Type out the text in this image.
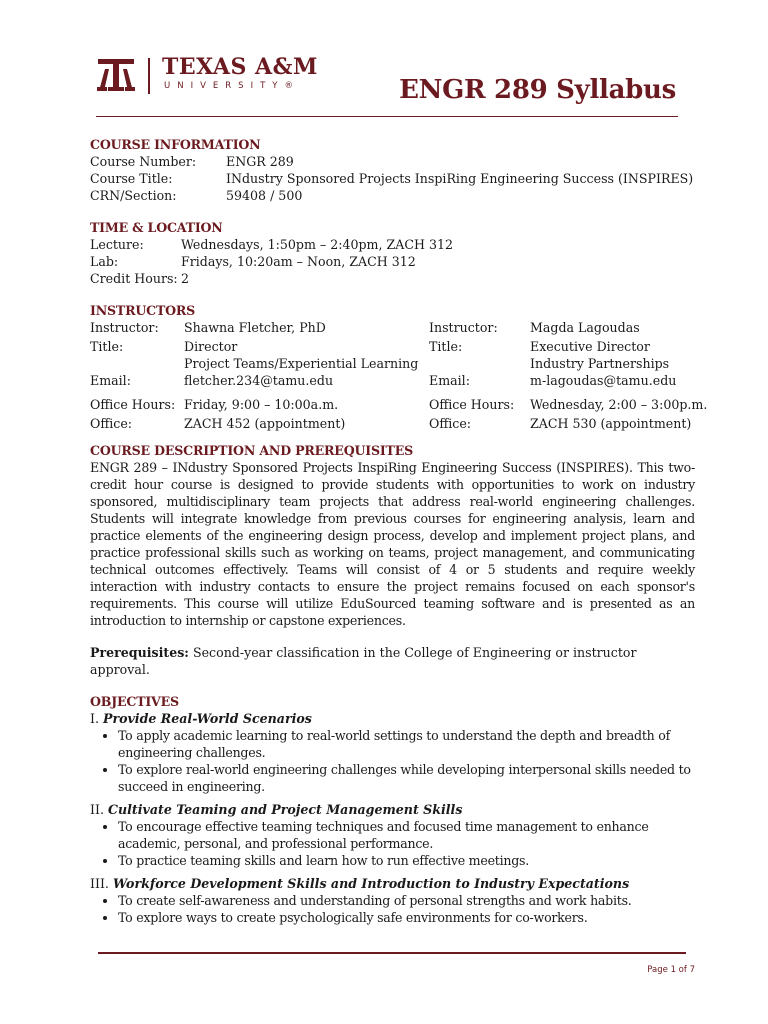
TEXAS A&M
UNIVERSITY®	ENGR 289 Syllabus
COURSE INFORMATION
Course Number:	ENGR 289
Course Title:	INdustry Sponsored Projects InspiRing Engineering Success (INSPIRES)
CRN/Section:	59408 / 500
TIME & LOCATION
Lecture:	Wednesdays, 1:50pm – 2:40pm, ZACH 312
Lab:	Fridays, 10:20am – Noon, ZACH 312
Credit Hours: 2
INSTRUCTORS
Instructor:	Shawna Fletcher, PhD
Title:	Director
Project Teams/Experiential Learning
Email:	fletcher.234@tamu.edu
Office Hours: Friday, 9:00 – 10:00a.m.
Office:	ZACH 452 (appointment)
Instructor:	Magda Lagoudas
Title:	Executive Director
Industry Partnerships
Email:	m-lagoudas@tamu.edu
Office Hours:	Wednesday, 2:00 – 3:00p.m.
Office:	ZACH 530 (appointment)
COURSE DESCRIPTION AND PREREQUISITES
ENGR 289 – INdustry Sponsored Projects InspiRing Engineering Success (INSPIRES). This two-credit hour course is designed to provide students with opportunities to work on industry sponsored, multidisciplinary team projects that address real-world engineering challenges. Students will integrate knowledge from previous courses for engineering analysis, learn and practice elements of the engineering design process, develop and implement project plans, and practice professional skills such as working on teams, project management, and communicating technical outcomes effectively. Teams will consist of 4 or 5 students and require weekly interaction with industry contacts to ensure the project remains focused on each sponsor's requirements. This course will utilize EduSourced teaming software and is presented as an introduction to internship or capstone experiences.
Prerequisites: Second-year classification in the College of Engineering or instructor approval.
OBJECTIVES
I. Provide Real-World Scenarios
• To apply academic learning to real-world settings to understand the depth and breadth of engineering challenges.
• To explore real-world engineering challenges while developing interpersonal skills needed to succeed in engineering.
II. Cultivate Teaming and Project Management Skills
• To encourage effective teaming techniques and focused time management to enhance academic, personal, and professional performance.
• To practice teaming skills and learn how to run effective meetings.
III. Workforce Development Skills and Introduction to Industry Expectations
• To create self-awareness and understanding of personal strengths and work habits.
• To explore ways to create psychologically safe environments for co-workers.
Page 1 of 7
